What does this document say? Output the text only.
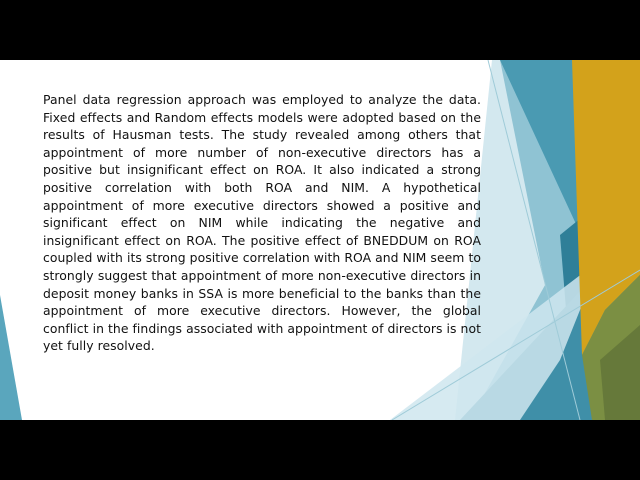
Panel data regression approach was employed to analyze the data. Fixed effects and Random effects models were adopted based on the results of Hausman tests. The study revealed among others that appointment of more number of non-executive directors has a positive but insignificant effect on ROA. It also indicated a strong positive correlation with both ROA and NIM. A hypothetical appointment of more executive directors showed a positive and significant effect on NIM while indicating the negative and insignificant effect on ROA. The positive effect of BNEDDUM on ROA coupled with its strong positive correlation with ROA and NIM seem to strongly suggest that appointment of more non-executive directors in deposit money banks in SSA is more beneficial to the banks than the appointment of more executive directors. However, the global conflict in the findings associated with appointment of directors is not yet fully resolved.
